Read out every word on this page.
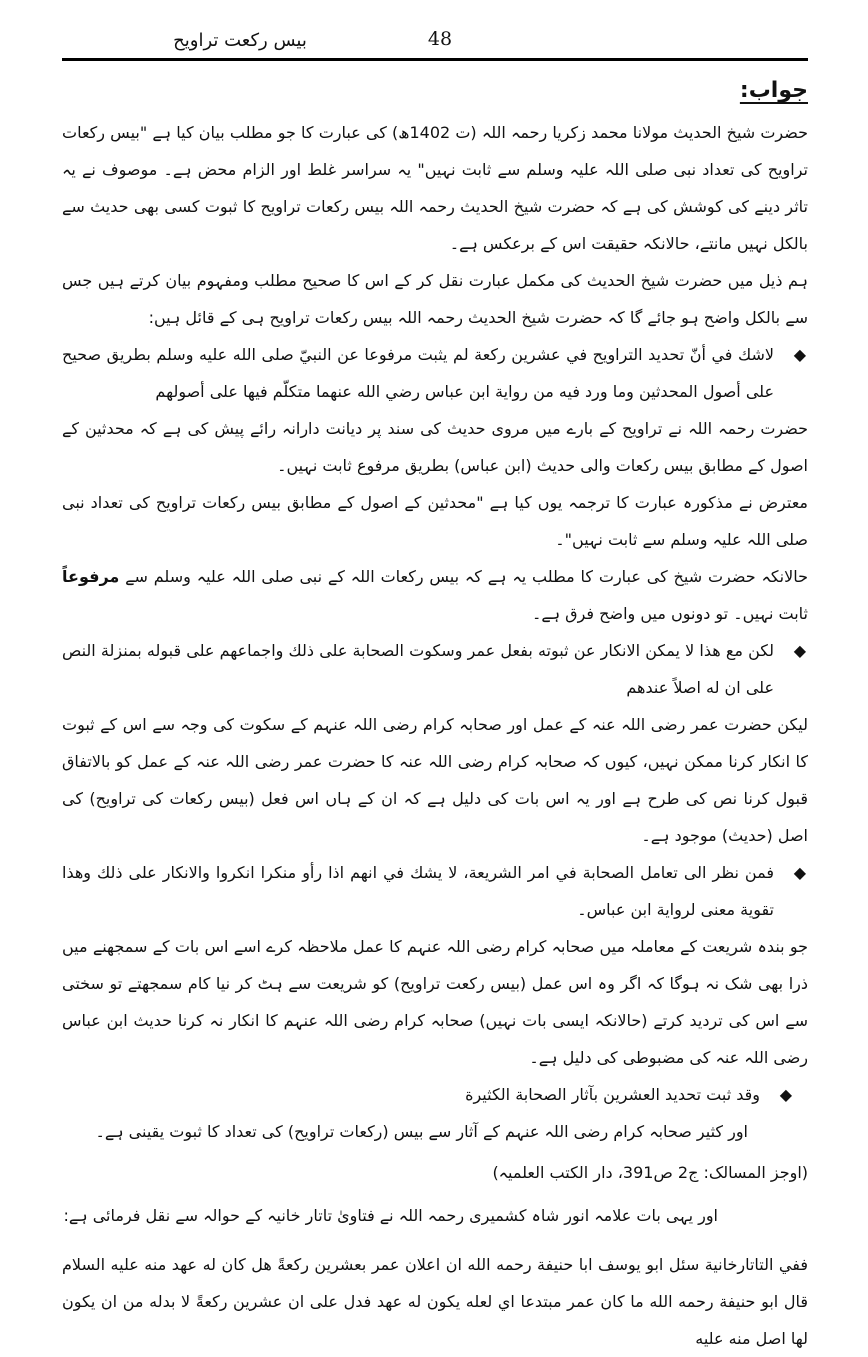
بیس رکعت تراویح	48
جواب:

حضرت شیخ الحدیث مولانا محمد زکریا رحمہ اللہ (ت 1402ھ) کی عبارت کا جو مطلب بیان کیا ہے "بیس رکعات تراویح کی تعداد نبی صلی اللہ علیہ وسلم سے ثابت نہیں" یہ سراسر غلط اور الزام محض ہے۔ موصوف نے یہ تاثر دینے کی کوشش کی ہے کہ حضرت شیخ الحدیث رحمہ اللہ بیس رکعات تراویح کا ثبوت کسی بھی حدیث سے بالکل نہیں مانتے، حالانکہ حقیقت اس کے برعکس ہے۔

ہم ذیل میں حضرت شیخ الحدیث کی مکمل عبارت نقل کر کے اس کا صحیح مطلب ومفہوم بیان کرتے ہیں جس سے بالکل واضح ہو جائے گا کہ حضرت شیخ الحدیث رحمہ اللہ بیس رکعات تراویح ہی کے قائل ہیں:

◆
لاشك في أنّ تحديد التراويح في عشرين ركعة لم يثبت مرفوعا عن النبيّ صلى الله عليه وسلم بطريق صحيح على أصول المحدثين وما ورد فيه من رواية ابن عباس رضي الله عنهما متكلّم فيها على أصولهم

حضرت رحمہ اللہ نے تراویح کے بارے میں مروی حدیث کی سند پر دیانت دارانہ رائے پیش کی ہے کہ محدثین کے اصول کے مطابق بیس رکعات والی حدیث (ابن عباس) بطریق مرفوع ثابت نہیں۔

معترض نے مذکورہ عبارت کا ترجمہ یوں کیا ہے "محدثین کے اصول کے مطابق بیس رکعات تراویح کی تعداد نبی صلی اللہ علیہ وسلم سے ثابت نہیں"۔

حالانکہ حضرت شیخ کی عبارت کا مطلب یہ ہے کہ بیس رکعات اللہ کے نبی صلی اللہ علیہ وسلم سے مرفوعاً ثابت نہیں۔ تو دونوں میں واضح فرق ہے۔

◆
لكن مع هذا لا يمكن الانكار عن ثبوته بفعل عمر وسكوت الصحابة على ذلك واجماعهم على قبوله بمنزلة النص على ان له اصلاً عندهم

لیکن حضرت عمر رضی اللہ عنہ کے عمل اور صحابہ کرام رضی اللہ عنہم کے سکوت کی وجہ سے اس کے ثبوت کا انکار کرنا ممکن نہیں، کیوں کہ صحابہ کرام رضی اللہ عنہ کا حضرت عمر رضی اللہ عنہ کے عمل کو بالاتفاق قبول کرنا نص کی طرح ہے اور یہ اس بات کی دلیل ہے کہ ان کے ہاں اس فعل (بیس رکعات کی تراویح) کی اصل (حدیث) موجود ہے۔

◆
فمن نظر الى تعامل الصحابة في امر الشريعة، لا يشك في انهم اذا رأو منكرا انكروا والانكار على ذلك وهذا تقوية معنى لرواية ابن عباس۔

جو بندہ شریعت کے معاملہ میں صحابہ کرام رضی اللہ عنہم کا عمل ملاحظہ کرے اسے اس بات کے سمجھنے میں ذرا بھی شک نہ ہوگا کہ اگر وہ اس عمل (بیس رکعت تراویح) کو شریعت سے ہٹ کر نیا کام سمجھتے تو سختی سے اس کی تردید کرتے (حالانکہ ایسی بات نہیں) صحابہ کرام رضی اللہ عنہم کا انکار نہ کرنا حدیث ابن عباس رضی اللہ عنہ کی مضبوطی کی دلیل ہے۔

◆
وقد ثبت تحديد العشرين بآثار الصحابة الكثيرة

اور کثیر صحابہ کرام رضی اللہ عنہم کے آثار سے بیس (رکعات تراویح) کی تعداد کا ثبوت یقینی ہے۔

(اوجز المسالک: ج2 ص391، دار الکتب العلمیہ)

اور یہی بات علامہ انور شاہ کشمیری رحمہ اللہ نے فتاویٰ تاتار خانیہ کے حوالہ سے نقل فرمائی ہے:

ففي التاتارخانية سئل ابو يوسف ابا حنيفة رحمه الله ان اعلان عمر بعشرين ركعةً هل كان له عهد منه عليه السلام قال ابو حنيفة رحمه الله ما كان عمر مبتدعا اي لعله يكون له عهد فدل على ان عشرين ركعةً لا بدله من ان يكون لها اصل منه عليه
